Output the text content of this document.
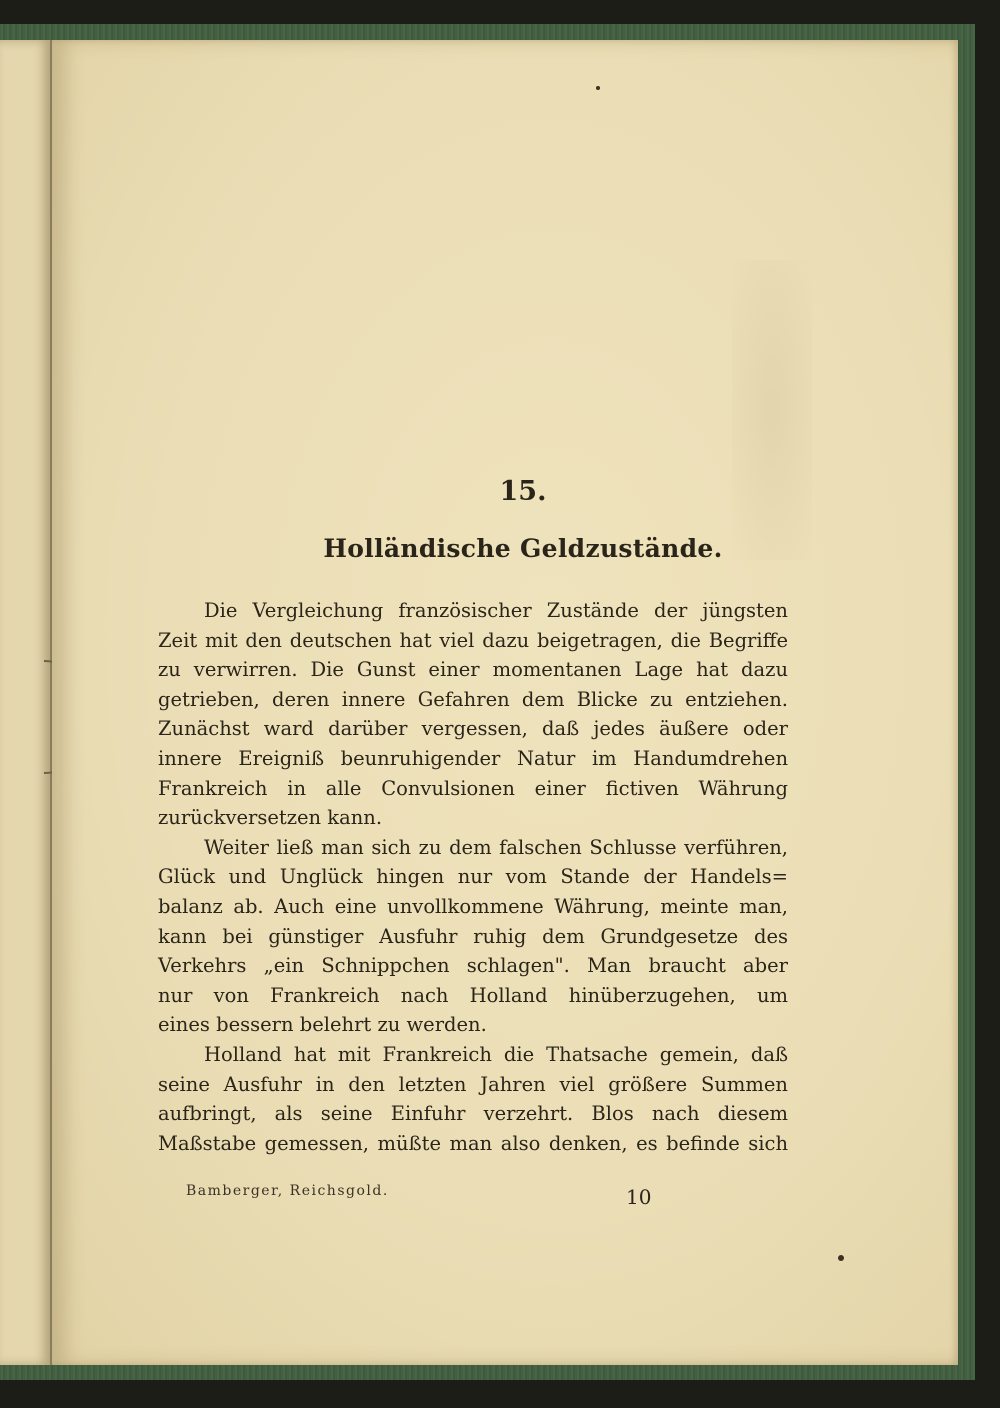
15.
Holländische Geldzustände.

Die Vergleichung französischer Zustände der jüngsten
Zeit mit den deutschen hat viel dazu beigetragen, die Begriffe
zu verwirren. Die Gunst einer momentanen Lage hat dazu
getrieben, deren innere Gefahren dem Blicke zu entziehen.
Zunächst ward darüber vergessen, daß jedes äußere oder
innere Ereigniß beunruhigender Natur im Handumdrehen
Frankreich in alle Convulsionen einer fictiven Währung
zurückversetzen kann.

Weiter ließ man sich zu dem falschen Schlusse verführen,
Glück und Unglück hingen nur vom Stande der Handels=
balanz ab. Auch eine unvollkommene Währung, meinte man,
kann bei günstiger Ausfuhr ruhig dem Grundgesetze des
Verkehrs „ein Schnippchen schlagen". Man braucht aber
nur von Frankreich nach Holland hinüberzugehen, um
eines bessern belehrt zu werden.

Holland hat mit Frankreich die Thatsache gemein, daß
seine Ausfuhr in den letzten Jahren viel größere Summen
aufbringt, als seine Einfuhr verzehrt. Blos nach diesem
Maßstabe gemessen, müßte man also denken, es befinde sich

Bamberger, Reichsgold.	10
